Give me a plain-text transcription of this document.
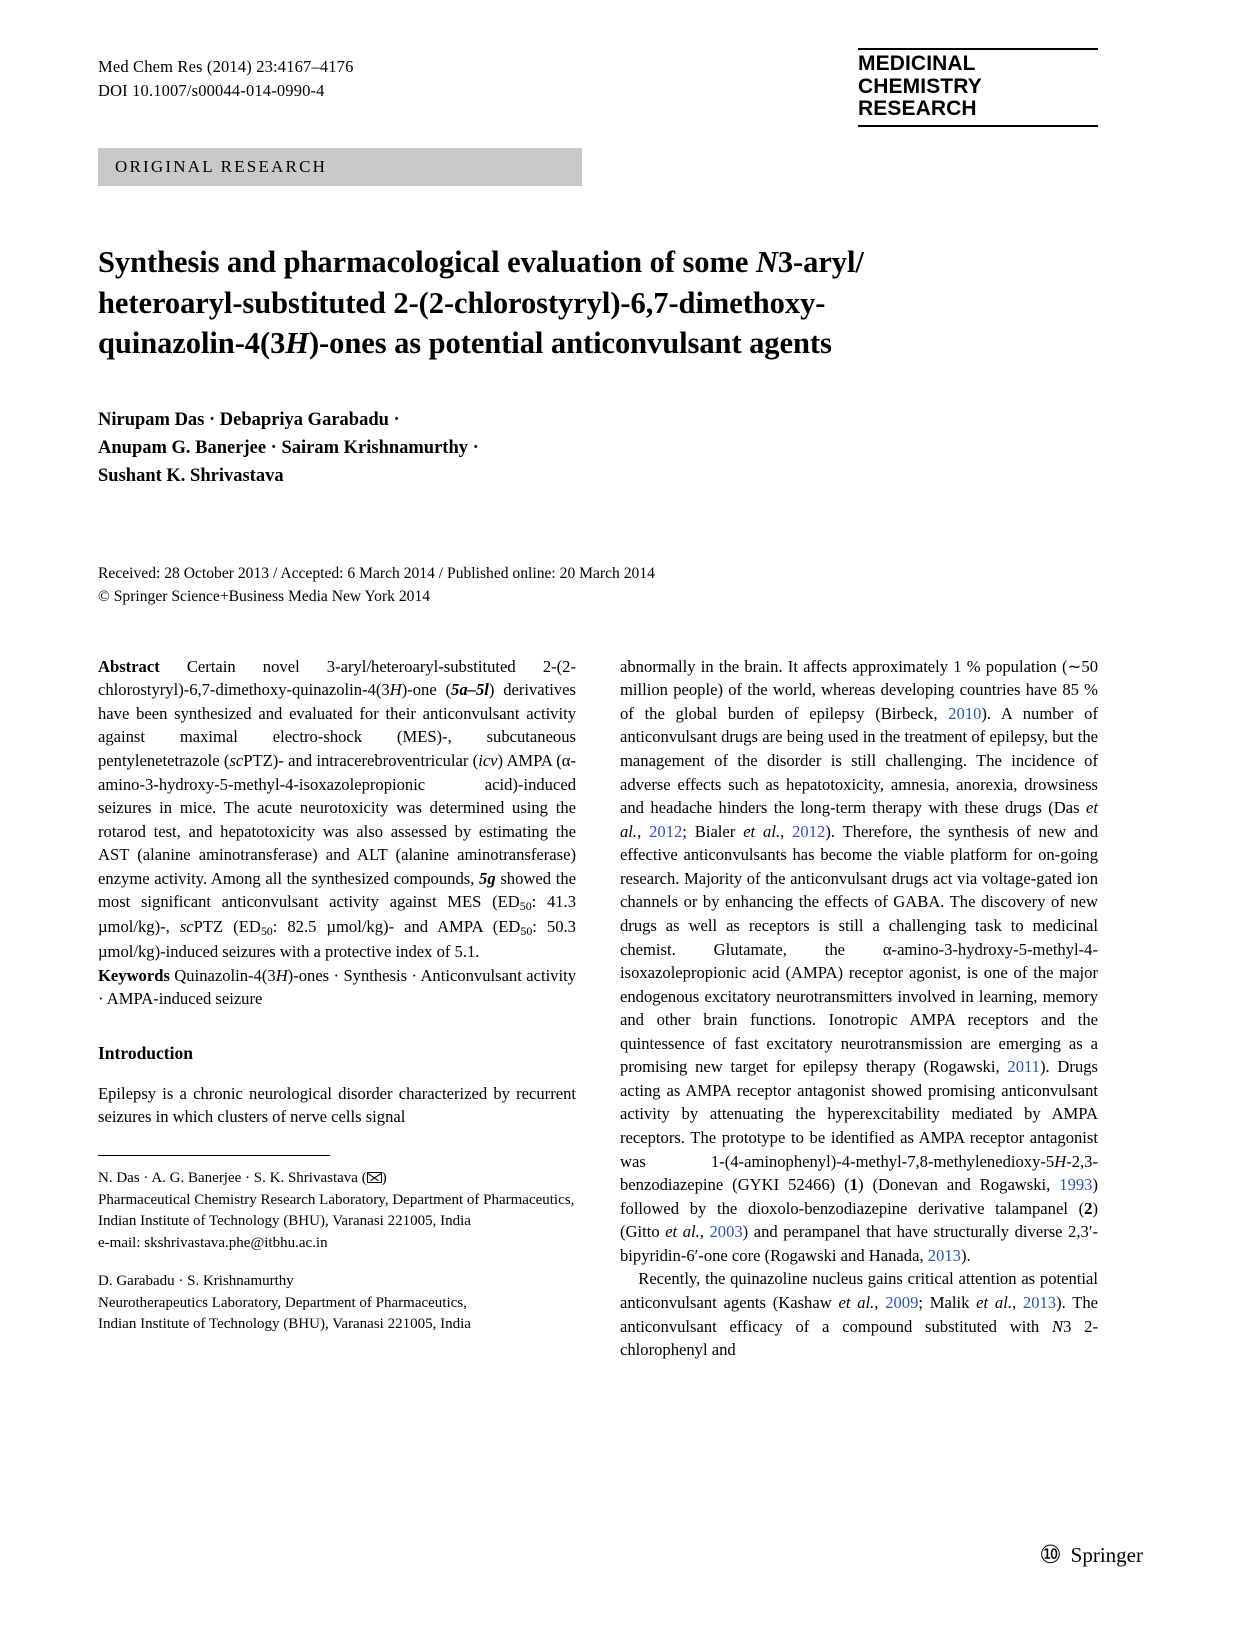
Med Chem Res (2014) 23:4167–4176
DOI 10.1007/s00044-014-0990-4
MEDICINAL
CHEMISTRY
RESEARCH
ORIGINAL RESEARCH
Synthesis and pharmacological evaluation of some N3-aryl/ heteroaryl-substituted 2-(2-chlorostyryl)-6,7-dimethoxy- quinazolin-4(3H)-ones as potential anticonvulsant agents
Nirupam Das · Debapriya Garabadu ·
Anupam G. Banerjee · Sairam Krishnamurthy ·
Sushant K. Shrivastava
Received: 28 October 2013 / Accepted: 6 March 2014 / Published online: 20 March 2014
© Springer Science+Business Media New York 2014

Abstract Certain novel 3-aryl/heteroaryl-substituted 2-(2-chlorostyryl)-6,7-dimethoxy-quinazolin-4(3H)-one (5a–5l) derivatives have been synthesized and evaluated for their anticonvulsant activity against maximal electro-shock (MES)-, subcutaneous pentylenetetrazole (scPTZ)- and intracerebroventricular (icv) AMPA (α-amino-3-hydroxy-5-methyl-4-isoxazolepropionic acid)-induced seizures in mice. The acute neurotoxicity was determined using the rotarod test, and hepatotoxicity was also assessed by estimating the AST (alanine aminotransferase) and ALT (alanine aminotransferase) enzyme activity. Among all the synthesized compounds, 5g showed the most significant anticonvulsant activity against MES ($ED_{50}$: 41.3 µmol/kg)-, scPTZ ($ED_{50}$: 82.5 µmol/kg)- and AMPA ($ED_{50}$: 50.3 µmol/kg)-induced seizures with a protective index of 5.1.

Keywords Quinazolin-4(3H)-ones · Synthesis · Anticonvulsant activity · AMPA-induced seizure

Introduction

Epilepsy is a chronic neurological disorder characterized by recurrent seizures in which clusters of nerve cells signal

N. Das · A. G. Banerjee · S. K. Shrivastava ( )
Pharmaceutical Chemistry Research Laboratory, Department of Pharmaceutics, Indian Institute of Technology (BHU), Varanasi 221005, India
e-mail: skshrivastava.phe@itbhu.ac.in

D. Garabadu · S. Krishnamurthy
Neurotherapeutics Laboratory, Department of Pharmaceutics,
Indian Institute of Technology (BHU), Varanasi 221005, India

abnormally in the brain. It affects approximately 1 % population (∼50 million people) of the world, whereas developing countries have 85 % of the global burden of epilepsy (Birbeck, 2010). A number of anticonvulsant drugs are being used in the treatment of epilepsy, but the management of the disorder is still challenging. The incidence of adverse effects such as hepatotoxicity, amnesia, anorexia, drowsiness and headache hinders the long-term therapy with these drugs (Das et al., 2012; Bialer et al., 2012). Therefore, the synthesis of new and effective anticonvulsants has become the viable platform for on-going research. Majority of the anticonvulsant drugs act via voltage-gated ion channels or by enhancing the effects of GABA. The discovery of new drugs as well as receptors is still a challenging task to medicinal chemist. Glutamate, the α-amino-3-hydroxy-5-methyl-4-isoxazolepropionic acid (AMPA) receptor agonist, is one of the major endogenous excitatory neurotransmitters involved in learning, memory and other brain functions. Ionotropic AMPA receptors and the quintessence of fast excitatory neurotransmission are emerging as a promising new target for epilepsy therapy (Rogawski, 2011). Drugs acting as AMPA receptor antagonist showed promising anticonvulsant activity by attenuating the hyperexcitability mediated by AMPA receptors. The prototype to be identified as AMPA receptor antagonist was 1-(4-aminophenyl)-4-methyl-7,8-methylenedioxy-5H-2,3-benzodiazepine (GYKI 52466) (1) (Donevan and Rogawski, 1993) followed by the dioxolo-benzodiazepine derivative talampanel (2) (Gitto et al., 2003) and perampanel that have structurally diverse 2,3′-bipyridin-6′-one core (Rogawski and Hanada, 2013).

Recently, the quinazoline nucleus gains critical attention as potential anticonvulsant agents (Kashaw et al., 2009; Malik et al., 2013). The anticonvulsant efficacy of a compound substituted with N3 2-chlorophenyl and

⑩ Springer
